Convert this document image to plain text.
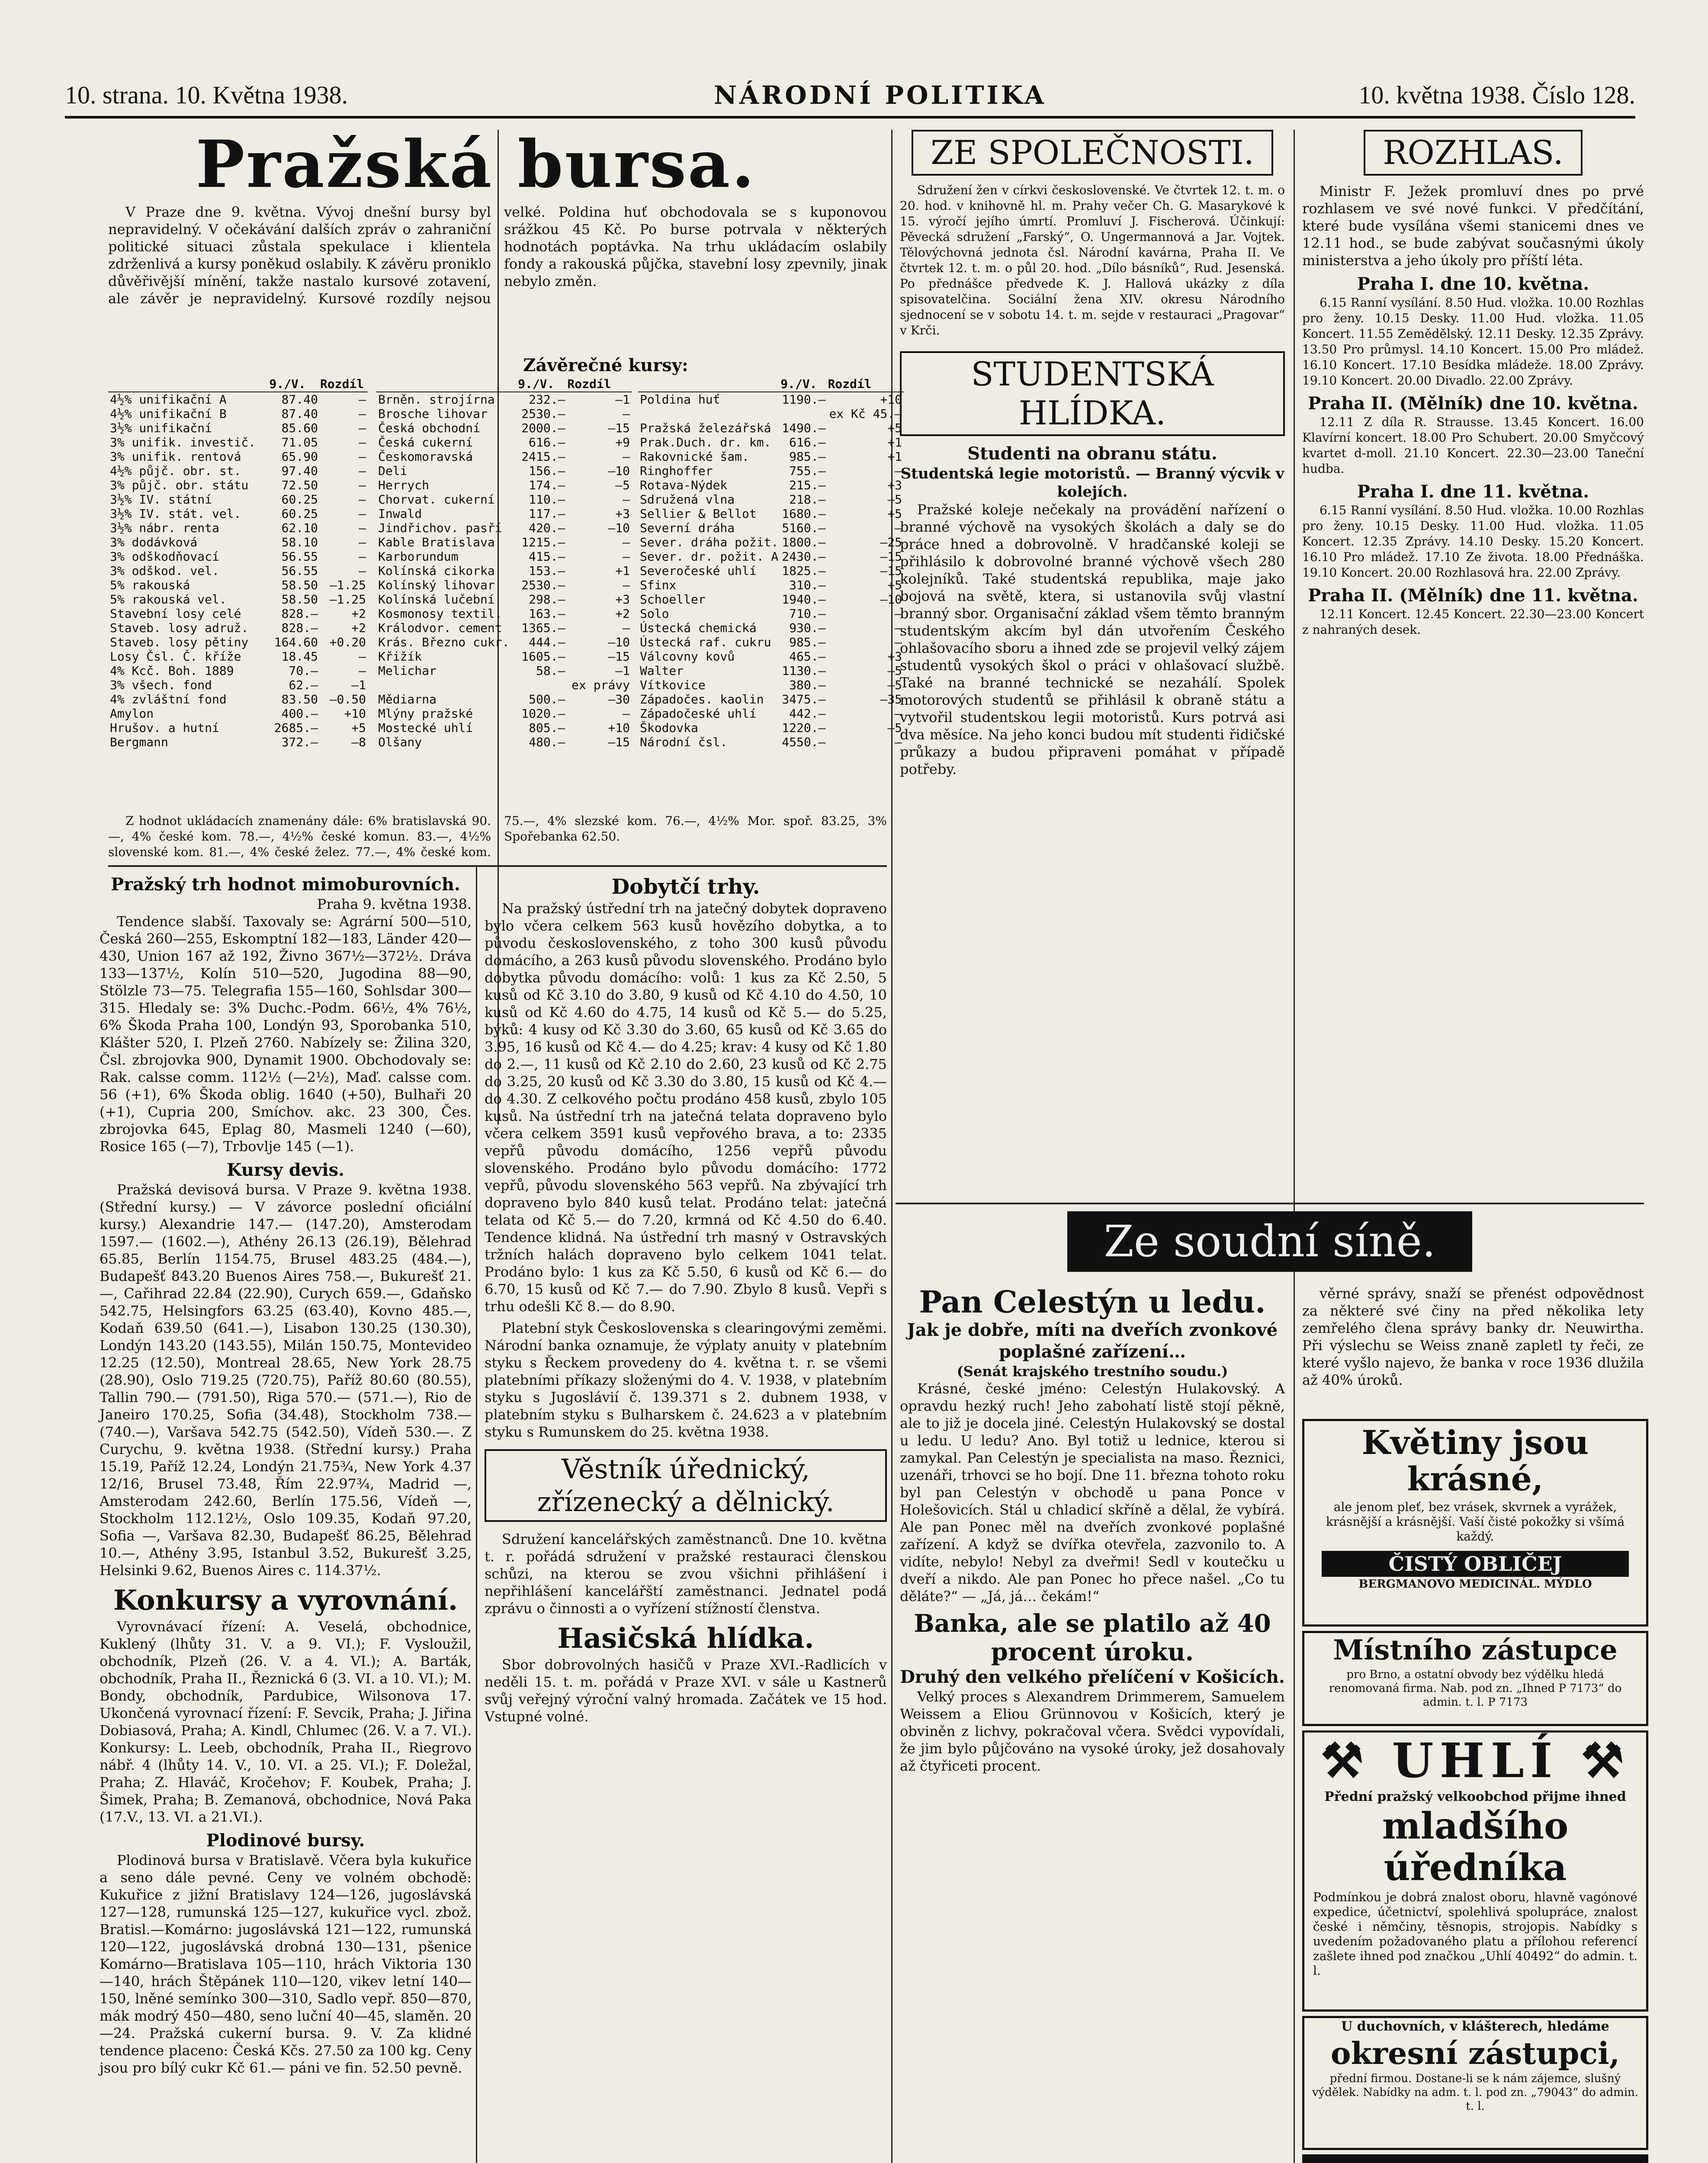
10. strana. 10. Května 1938.	NÁRODNÍ POLITIKA	10. května 1938. Číslo 128.
Pražská bursa.

V Praze dne 9. května. Vývoj dnešní bursy byl nepravidelný. V očekávání dalších zpráv o zahraniční politické situaci zůstala spekulace i klientela zdrženlivá a kursy poněkud oslabily. K závěru proniklo důvěřivější mínění, takže nastalo kursové zotavení, ale závěr je nepravidelný. Kursové rozdíly nejsou velké. Poldina huť obchodovala se s kuponovou srážkou 45 Kč. Po burse potrvala v některých hodnotách poptávka. Na trhu ukládacím oslabily fondy a rakouská půjčka, stavební losy zpevnily, jinak nebylo změn.

Závěrečné kursy:
	9./V.	Rozdíl
4½% unifikační A	87.40	—
4½% unifikační B	87.40	—
3½% unifikační	85.60	—
3% unifik. investič.	71.05	—
3% unifik. rentová	65.90	—
4½% půjč. obr. st.	97.40	—
3% půjč. obr. státu	72.50	—
3½% IV. státní	60.25	—
3½% IV. stát. vel.	60.25	—
3½% nábr. renta	62.10	—
3% dodávková	58.10	—
3% odškodňovací	56.55	—
3% odškod. vel.	56.55	—
5% rakouská	58.50	—1.25
5% rakouská vel.	58.50	—1.25
Stavební losy celé	828.—	+2
Staveb. losy adruž.	828.—	+2
Staveb. losy pětiny	164.60	+0.20
Losy Čsl. Č. kříže	18.45	—
4% Kcč. Boh. 1889	70.—	—
3% všech. fond	62.—	—1
4% zvláštní fond	83.50	—0.50
Amylon	400.—	+10
Hrušov. a hutní	2685.—	+5
Bergmann	372.—	—8
	9./V.	Rozdíl
Brněn. strojírna	232.—	—1
Brosche lihovar	2530.—	—
Česká obchodní	2000.—	—15
Česká cukerní	616.—	+9
Českomoravská	2415.—	—
Deli	156.—	—10
Herrych	174.—	—5
Chorvat. cukerní	110.—	—
Inwald	117.—	+3
Jindřichov. pasří	420.—	—10
Kable Bratislava	1215.—	—
Karborundum	415.—	—
Kolínská cikorka	153.—	+1
Kolínský lihovar	2530.—	—
Kolínská lučební	298.—	+3
Kosmonosy textil.	163.—	+2
Králodvor. cement	1365.—	—
Krás. Březno cukr.	444.—	—10
Křižík	1605.—	—15
Melichar	58.—	—1
		ex právy
Mědiarna	500.—	—30
Mlýny pražské	1020.—	—
Mostecké uhlí	805.—	+10
Olšany	480.—	—15
	9./V.	Rozdíl
Poldina huť	1190.—	+10
		ex Kč 45.—
Pražská železářská	1490.—	+5
Prak.Duch. dr. km.	616.—	+1
Rakovnické šam.	985.—	+1
Ringhoffer	755.—	—
Rotava-Nýdek	215.—	+3
Sdružená vlna	218.—	—5
Sellier & Bellot	1680.—	+5
Severní dráha	5160.—	—
Sever. dráha požit.	1800.—	—25
Sever. dr. požit. A	2430.—	—15
Severočeské uhlí	1825.—	—15
Sfinx	310.—	+5
Schoeller	1940.—	—10
Solo	710.—	—
Ústecká chemická	930.—	—
Ústecká raf. cukru	985.—	—
Válcovny kovů	465.—	+3
Walter	1130.—	—5
Vítkovice	380.—	—5
Západočes. kaolin	3475.—	—35
Západočeské uhlí	442.—	—
Škodovka	1220.—	—5
Národní čsl.	4550.—	—

Z hodnot ukládacích znamenány dále: 6% bratislavská 90.—, 4% české kom. 78.—, 4½% české komun. 83.—, 4½% slovenské kom. 81.—, 4% české želez. 77.—, 4% české kom. 75.—, 4% slezské kom. 76.—, 4½% Mor. spoř. 83.25, 3% Spořebanka 62.50.

Pražský trh hodnot mimoburovních.
Praha 9. května 1938.

Tendence slabší. Taxovaly se: Agrární 500—510, Česká 260—255, Eskomptní 182—183, Länder 420—430, Union 167 až 192, Živno 367½—372½. Dráva 133—137½, Kolín 510—520, Jugodina 88—90, Stölzle 73—75. Telegrafia 155—160, Sohlsdar 300—315. Hledaly se: 3% Duchc.-Podm. 66½, 4% 76½, 6% Škoda Praha 100, Londýn 93, Sporobanka 510, Klášter 520, I. Plzeň 2760. Nabízely se: Žilina 320, Čsl. zbrojovka 900, Dynamit 1900. Obchodovaly se: Rak. calsse comm. 112½ (—2½), Maď. calsse com. 56 (+1), 6% Škoda oblig. 1640 (+50), Bulhaři 20 (+1), Cupria 200, Smíchov. akc. 23 300, Čes. zbrojovka 645, Eplag 80, Masmeli 1240 (—60), Rosice 165 (—7), Trbovlje 145 (—1).

Kursy devis.

Pražská devisová bursa. V Praze 9. května 1938. (Střední kursy.) — V závorce poslední oficiální kursy.) Alexandrie 147.— (147.20), Amsterodam 1597.— (1602.—), Athény 26.13 (26.19), Bělehrad 65.85, Berlín 1154.75, Brusel 483.25 (484.—), Budapešť 843.20 Buenos Aires 758.—, Bukurešť 21.—, Cařihrad 22.84 (22.90), Curych 659.—, Gdaňsko 542.75, Helsingfors 63.25 (63.40), Kovno 485.—, Kodaň 639.50 (641.—), Lisabon 130.25 (130.30), Londýn 143.20 (143.55), Milán 150.75, Montevideo 12.25 (12.50), Montreal 28.65, New York 28.75 (28.90), Oslo 719.25 (720.75), Paříž 80.60 (80.55), Tallin 790.— (791.50), Riga 570.— (571.—), Rio de Janeiro 170.25, Sofia (34.48), Stockholm 738.— (740.—), Varšava 542.75 (542.50), Vídeň 530.—. Z Curychu, 9. května 1938. (Střední kursy.) Praha 15.19, Paříž 12.24, Londýn 21.75¾, New York 4.37 12/16, Brusel 73.48, Řím 22.97¾, Madrid —, Amsterodam 242.60, Berlín 175.56, Vídeň —, Stockholm 112.12½, Oslo 109.35, Kodaň 97.20, Sofia —, Varšava 82.30, Budapešť 86.25, Bělehrad 10.—, Athény 3.95, Istanbul 3.52, Bukurešť 3.25, Helsinki 9.62, Buenos Aires c. 114.37½.

Konkursy a vyrovnání.

Vyrovnávací řízení: A. Veselá, obchodnice, Kuklený (lhůty 31. V. a 9. VI.); F. Vysloužil, obchodník, Plzeň (26. V. a 4. VI.); A. Barták, obchodník, Praha II., Řeznická 6 (3. VI. a 10. VI.); M. Bondy, obchodník, Pardubice, Wilsonova 17. Ukončená vyrovnací řízení: F. Sevcik, Praha; J. Jiřina Dobiasová, Praha; A. Kindl, Chlumec (26. V. a 7. VI.). Konkursy: L. Leeb, obchodník, Praha II., Riegrovo nábř. 4 (lhůty 14. V., 10. VI. a 25. VI.); F. Doležal, Praha; Z. Hlaváč, Kročehov; F. Koubek, Praha; J. Šimek, Praha; B. Zemanová, obchodnice, Nová Paka (17.V., 13. VI. a 21.VI.).

Plodinové bursy.

Plodinová bursa v Bratislavě. Včera byla kukuřice a seno dále pevné. Ceny ve volném obchodě: Kukuřice z jižní Bratislavy 124—126, jugoslávská 127—128, rumunská 125—127, kukuřice vycl. zbož. Bratisl.—Komárno: jugoslávská 121—122, rumunská 120—122, jugoslávská drobná 130—131, pšenice Komárno—Bratislava 105—110, hrách Viktoria 130—140, hrách Štěpánek 110—120, vikev letní 140—150, lněné semínko 300—310, Sadlo vepř. 850—870, mák modrý 450—480, seno luční 40—45, slaměn. 20—24. Pražská cukerní bursa. 9. V. Za klidné tendence placeno: Česká Kčs. 27.50 za 100 kg. Ceny jsou pro bílý cukr Kč 61.— páni ve fin. 52.50 pevně.

Dobytčí trhy.

Na pražský ústřední trh na jatečný dobytek dopraveno bylo včera celkem 563 kusů hovězího dobytka, a to původu československého, z toho 300 kusů původu domácího, a 263 kusů původu slovenského. Prodáno bylo dobytka původu domácího: volů: 1 kus za Kč 2.50, 5 kusů od Kč 3.10 do 3.80, 9 kusů od Kč 4.10 do 4.50, 10 kusů od Kč 4.60 do 4.75, 14 kusů od Kč 5.— do 5.25, býků: 4 kusy od Kč 3.30 do 3.60, 65 kusů od Kč 3.65 do 3.95, 16 kusů od Kč 4.— do 4.25; krav: 4 kusy od Kč 1.80 do 2.—, 11 kusů od Kč 2.10 do 2.60, 23 kusů od Kč 2.75 do 3.25, 20 kusů od Kč 3.30 do 3.80, 15 kusů od Kč 4.— do 4.30. Z celkového počtu prodáno 458 kusů, zbylo 105 kusů. Na ústřední trh na jatečná telata dopraveno bylo včera celkem 3591 kusů vepřového brava, a to: 2335 vepřů původu domácího, 1256 vepřů původu slovenského. Prodáno bylo původu domácího: 1772 vepřů, původu slovenského 563 vepřů. Na zbývající trh dopraveno bylo 840 kusů telat. Prodáno telat: jatečná telata od Kč 5.— do 7.20, krmná od Kč 4.50 do 6.40. Tendence klidná. Na ústřední trh masný v Ostravských tržních halách dopraveno bylo celkem 1041 telat. Prodáno bylo: 1 kus za Kč 5.50, 6 kusů od Kč 6.— do 6.70, 15 kusů od Kč 7.— do 7.90. Zbylo 8 kusů. Vepři s trhu odešli Kč 8.— do 8.90.

Platební styk Československa s clearingovými zeměmi. Národní banka oznamuje, že výplaty anuity v platebním styku s Řeckem provedeny do 4. května t. r. se všemi platebními příkazy složenými do 4. V. 1938, v platebním styku s Jugoslávií č. 139.371 s 2. dubnem 1938, v platebním styku s Bulharskem č. 24.623 a v platebním styku s Rumunskem do 25. května 1938.

Věstník úřednický, zřízenecký a dělnický.

Sdružení kancelářských zaměstnanců. Dne 10. května t. r. pořádá sdružení v pražské restauraci členskou schůzi, na kterou se zvou všichni přihlášení i nepřihlášení kancelářští zaměstnanci. Jednatel podá zprávu o činnosti a o vyřízení stížností členstva.

Hasičská hlídka.

Sbor dobrovolných hasičů v Praze XVI.-Radlicích v neděli 15. t. m. pořádá v Praze XVI. v sále u Kastnerů svůj veřejný výroční valný hromada. Začátek ve 15 hod. Vstupné volné.

ZE SPOLEČNOSTI.

Sdružení žen v církvi československé. Ve čtvrtek 12. t. m. o 20. hod. v knihovně hl. m. Prahy večer Ch. G. Masarykové k 15. výročí jejího úmrtí. Promluví J. Fischerová. Účinkují: Pěvecká sdružení „Farský“, O. Ungermannová a Jar. Vojtek. Tělovýchovná jednota čsl. Národní kavárna, Praha II. Ve čtvrtek 12. t. m. o půl 20. hod. „Dílo básníků“, Rud. Jesenská. Po přednášce předvede K. J. Hallová ukázky z díla spisovatelčina. Sociální žena XIV. okresu Národního sjednocení se v sobotu 14. t. m. sejde v restauraci „Pragovar“ v Krči.

STUDENTSKÁ HLÍDKA.
Studenti na obranu státu.
Studentská legie motoristů. — Branný výcvik v kolejích.

Pražské koleje nečekaly na provádění nařízení o branné výchově na vysokých školách a daly se do práce hned a dobrovolně. V hradčanské koleji se přihlásilo k dobrovolné branné výchově všech 280 kolejníků. Také studentská republika, maje jako bojová na světě, ktera, si ustanovila svůj vlastní branný sbor. Organisační základ všem těmto branným studentským akcím byl dán utvořením Českého ohlašovacího sboru a ihned zde se projevil velký zájem studentů vysokých škol o práci v ohlašovací službě. Také na branné technické se nezahálí. Spolek motorových studentů se přihlásil k obraně státu a vytvořil studentskou legii motoristů. Kurs potrvá asi dva měsíce. Na jeho konci budou mít studenti řidičské průkazy a budou připraveni pomáhat v případě potřeby.

ROZHLAS.

Ministr F. Ježek promluví dnes po prvé rozhlasem ve své nové funkci. V předčítání, které bude vysílána všemi stanicemi dnes ve 12.11 hod., se bude zabývat současnými úkoly ministerstva a jeho úkoly pro příští léta.

Praha I. dne 10. května.

6.15 Ranní vysílání. 8.50 Hud. vložka. 10.00 Rozhlas pro ženy. 10.15 Desky. 11.00 Hud. vložka. 11.05 Koncert. 11.55 Zemědělský. 12.11 Desky. 12.35 Zprávy. 13.50 Pro průmysl. 14.10 Koncert. 15.00 Pro mládež. 16.10 Koncert. 17.10 Besídka mládeže. 18.00 Zprávy. 19.10 Koncert. 20.00 Divadlo. 22.00 Zprávy.

Praha II. (Mělník) dne 10. května.

12.11 Z díla R. Strausse. 13.45 Koncert. 16.00 Klavírní koncert. 18.00 Pro Schubert. 20.00 Smyčcový kvartet d-moll. 21.10 Koncert. 22.30—23.00 Taneční hudba.

Praha I. dne 11. května.

6.15 Ranní vysílání. 8.50 Hud. vložka. 10.00 Rozhlas pro ženy. 10.15 Desky. 11.00 Hud. vložka. 11.05 Koncert. 12.35 Zprávy. 14.10 Desky. 15.20 Koncert. 16.10 Pro mládež. 17.10 Ze života. 18.00 Přednáška. 19.10 Koncert. 20.00 Rozhlasová hra. 22.00 Zprávy.

Praha II. (Mělník) dne 11. května.

12.11 Koncert. 12.45 Koncert. 22.30—23.00 Koncert z nahraných desek.

Ze soudní síně.
Pan Celestýn u ledu.
Jak je dobře, míti na dveřích zvonkové poplašné zařízení…
(Senát krajského trestního soudu.)

Krásné, české jméno: Celestýn Hulakovský. A opravdu hezký ruch! Jeho zabohatí listě stojí pěkně, ale to již je docela jiné. Celestýn Hulakovský se dostal u ledu. U ledu? Ano. Byl totiž u lednice, kterou si zamykal. Pan Celestýn je specialista na maso. Řeznici, uzenáři, trhovci se ho bojí. Dne 11. března tohoto roku byl pan Celestýn v obchodě u pana Ponce v Holešovicích. Stál u chladicí skříně a dělal, že vybírá. Ale pan Ponec měl na dveřích zvonkové poplašné zařízení. A když se dvířka otevřela, zazvonilo to. A vidíte, nebylo! Nebyl za dveřmi! Sedl v koutečku u dveří a nikdo. Ale pan Ponec ho přece našel. „Co tu děláte?“ — „Já, já… čekám!“

Banka, ale se platilo až 40 procent úroku.
Druhý den velkého přelíčení v Košicích.

Velký proces s Alexandrem Drimmerem, Samuelem Weissem a Eliou Grünnovou v Košicích, který je obviněn z lichvy, pokračoval včera. Svědci vypovídali, že jim bylo půjčováno na vysoké úroky, jež dosahovaly až čtyřiceti procent.

věrné správy, snaží se přenést odpovědnost za některé své činy na před několika lety zemřelého člena správy banky dr. Neuwirtha. Při výslechu se Weiss znaně zapletl ty řeči, ze které vyšlo najevo, že banka v roce 1936 dlužila až 40% úroků.

Květiny jsou krásné,
ale jenom pleť, bez vrásek, skvrnek a vyrážek, krásnější a krásnější. Vaší čisté pokožky si všímá každý.
ČISTÝ OBLIČEJ
BERGMANOVO MEDICINÁL. MÝDLO
Místního zástupce
pro Brno, a ostatní obvody bez výdělku hledá renomovaná firma. Nab. pod zn. „Ihned P 7173“ do admin. t. l. P 7173
⚒ UHLÍ ⚒
Přední pražský velkoobchod přijme ihned
mladšího úředníka
Podmínkou je dobrá znalost oboru, hlavně vagónové expedice, účetnictví, spolehlivá spolupráce, znalost české i němčiny, těsnopis, strojopis. Nabídky s uvedením požadovaného platu a přílohou referencí zašlete ihned pod značkou „Uhlí 40492“ do admin. t. l.
U duchovních, v klášterech, hledáme
okresní zástupci,
přední firmou. Dostane-li se k nám zájemce, slušný výdělek. Nabídky na adm. t. l. pod zn. „79043“ do admin. t. l.
